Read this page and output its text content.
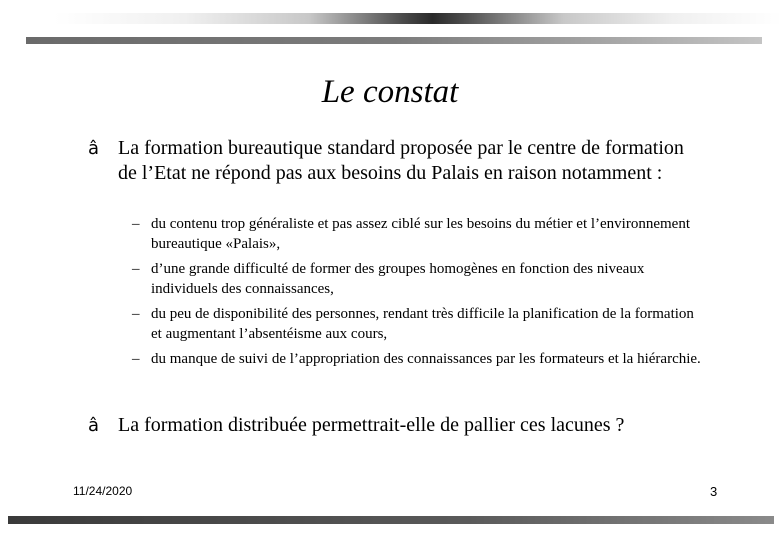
Le constat
â La formation bureautique standard proposée par le centre de formation de l’Etat ne répond pas aux besoins du Palais en raison notamment :
– du contenu trop généraliste et pas assez ciblé sur les besoins du métier et l’environnement bureautique «Palais»,
– d’une grande difficulté de former des groupes homogènes en fonction des niveaux individuels des connaissances,
– du peu de disponibilité des personnes, rendant très difficile la planification de la formation et augmentant l’absentéisme aux cours,
– du manque de suivi de l’appropriation des connaissances par les formateurs et la hiérarchie.
â La formation distribuée permettrait-elle de pallier ces lacunes ?
11/24/2020	3
